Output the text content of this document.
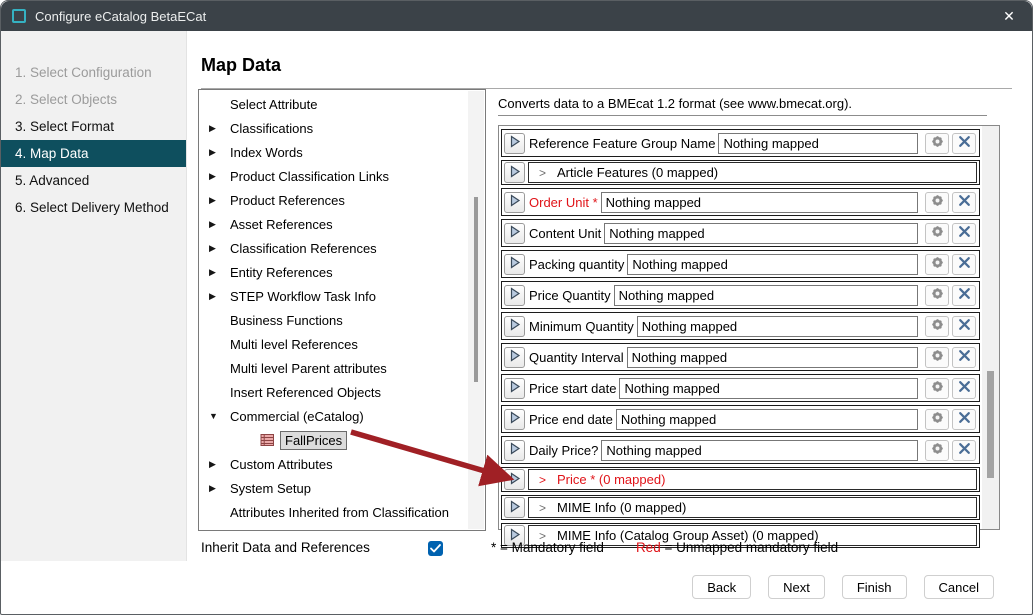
Configure eCatalog BetaECat	✕
1. Select Configuration
2. Select Objects
3. Select Format
4. Map Data
5. Advanced
6. Select Delivery Method
Map Data
Select Attribute
▶	Classifications
▶	Index Words
▶	Product Classification Links
▶	Product References
▶	Asset References
▶	Classification References
▶	Entity References
▶	STEP Workflow Task Info
Business Functions
Multi level References
Multi level Parent attributes
Insert Referenced Objects
▼ Commercial (eCatalog)
FallPrices
▶	Custom Attributes
▶	System Setup
Attributes Inherited from Classification
Converts data to a BMEcat 1.2 format (see www.bmecat.org).
Reference Feature Group Name
Nothing mapped
> Article Features (0 mapped)
Order Unit *
Nothing mapped
Content Unit
Nothing mapped
Packing quantity
Nothing mapped
Price Quantity
Nothing mapped
Minimum Quantity
Nothing mapped
Quantity Interval
Nothing mapped
Price start date
Nothing mapped
Price end date
Nothing mapped
Daily Price?
Nothing mapped
> Price * (0 mapped)
> MIME Info (0 mapped)
> MIME Info (Catalog Group Asset) (0 mapped)
Inherit Data and References	* = Mandatory field Red = Unmapped mandatory field
Back	Next	Finish	Cancel
